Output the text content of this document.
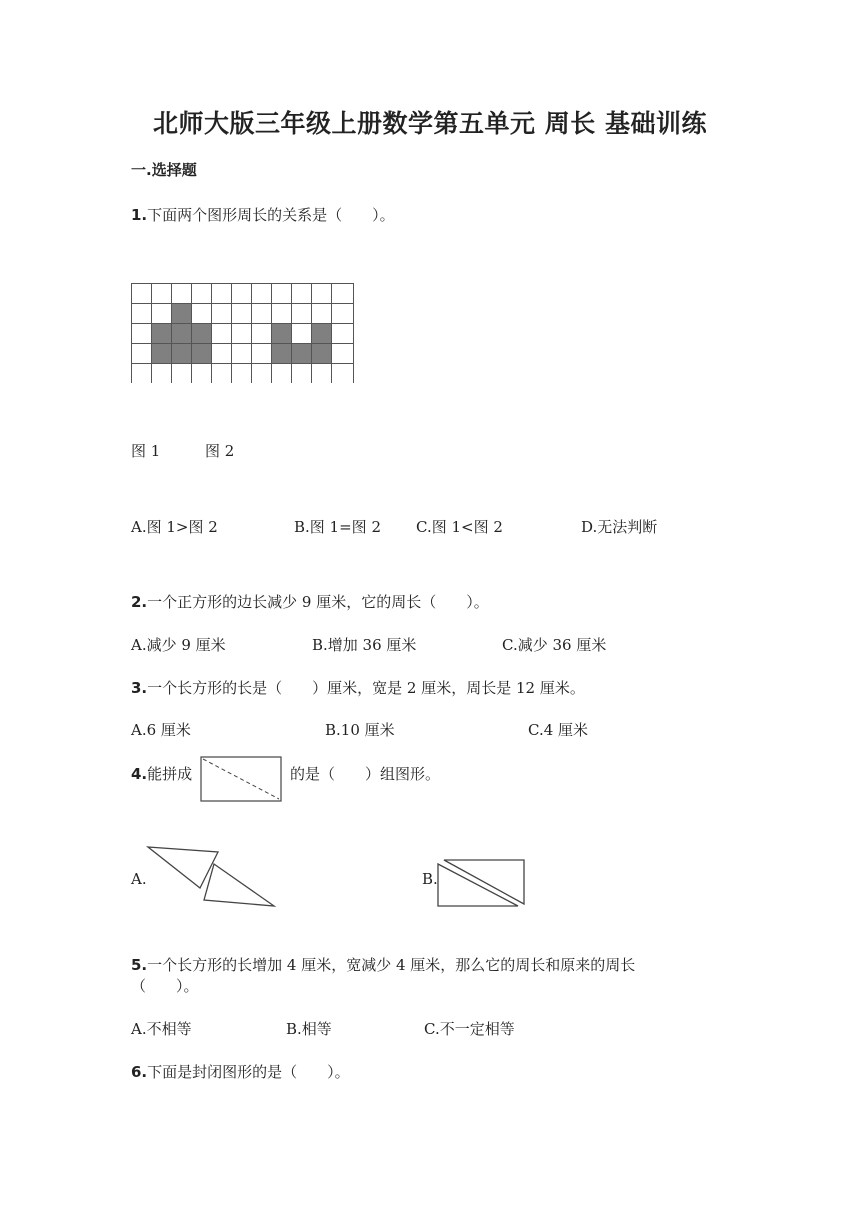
北师大版三年级上册数学第五单元 周长 基础训练
一.选择题
1.下面两个图形周长的关系是（　　）。
图 1	图 2
A.图 1>图 2	B.图 1=图 2 C.图 1<图 2	D.无法判断
2.一个正方形的边长减少 9 厘米，它的周长（　　）。
A.减少 9 厘米	B.增加 36 厘米	C.减少 36 厘米
3.一个长方形的长是（　　）厘米，宽是 2 厘米，周长是 12 厘米。
A.6 厘米	B.10 厘米	C.4 厘米
4.能拼成	的是（　　）组图形。
A.	B.
5.一个长方形的长增加 4 厘米，宽减少 4 厘米，那么它的周长和原来的周长
（　　）。
A.不相等	B.相等	C.不一定相等
6.下面是封闭图形的是（　　）。
